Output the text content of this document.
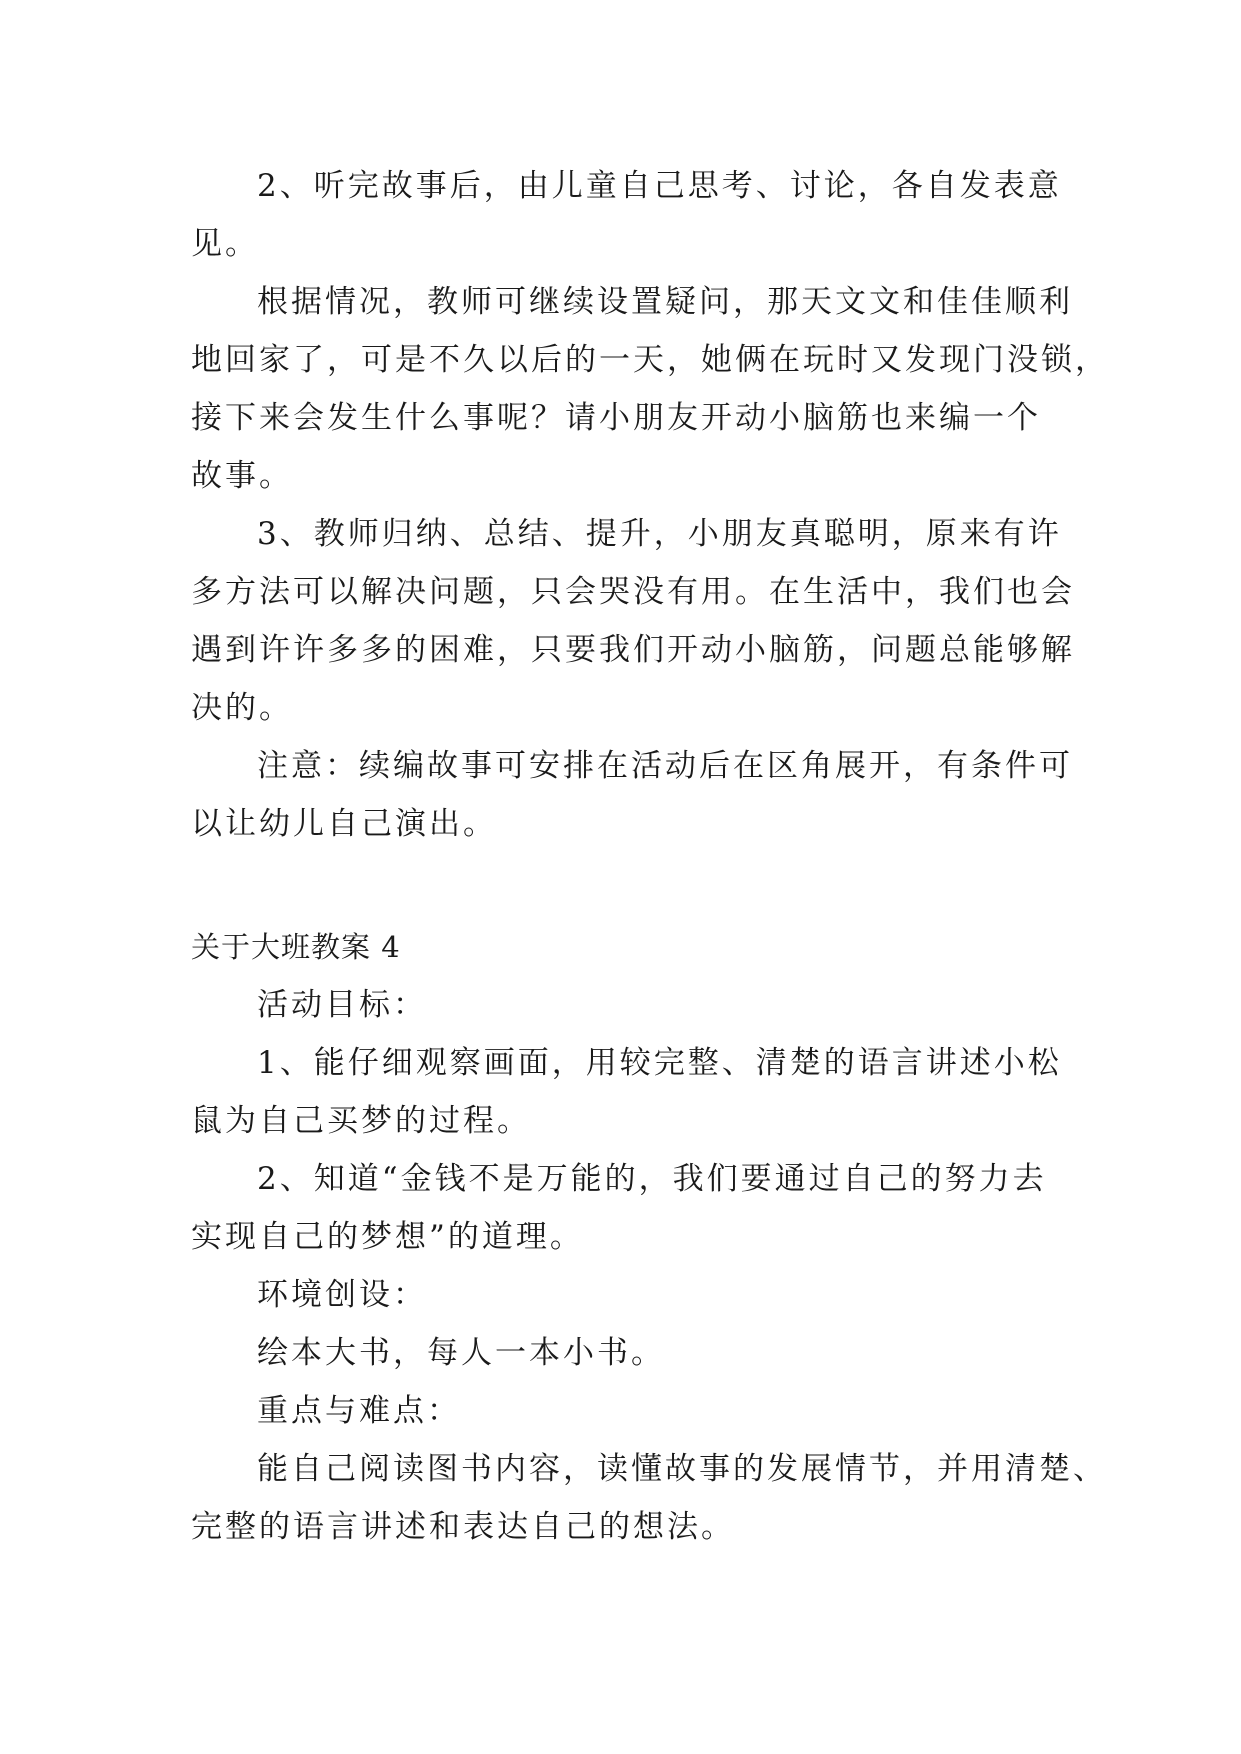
2、听完故事后，由儿童自己思考、讨论，各自发表意
见。
根据情况，教师可继续设置疑问，那天文文和佳佳顺利
地回家了，可是不久以后的一天，她俩在玩时又发现门没锁，
接下来会发生什么事呢？请小朋友开动小脑筋也来编一个
故事。
3、教师归纳、总结、提升，小朋友真聪明，原来有许
多方法可以解决问题，只会哭没有用。在生活中，我们也会
遇到许许多多的困难，只要我们开动小脑筋，问题总能够解
决的。
注意：续编故事可安排在活动后在区角展开，有条件可
以让幼儿自己演出。
关于大班教案 4
活动目标：
1、能仔细观察画面，用较完整、清楚的语言讲述小松
鼠为自己买梦的过程。
2、知道“金钱不是万能的，我们要通过自己的努力去
实现自己的梦想”的道理。
环境创设：
绘本大书，每人一本小书。
重点与难点：
能自己阅读图书内容，读懂故事的发展情节，并用清楚、
完整的语言讲述和表达自己的想法。
